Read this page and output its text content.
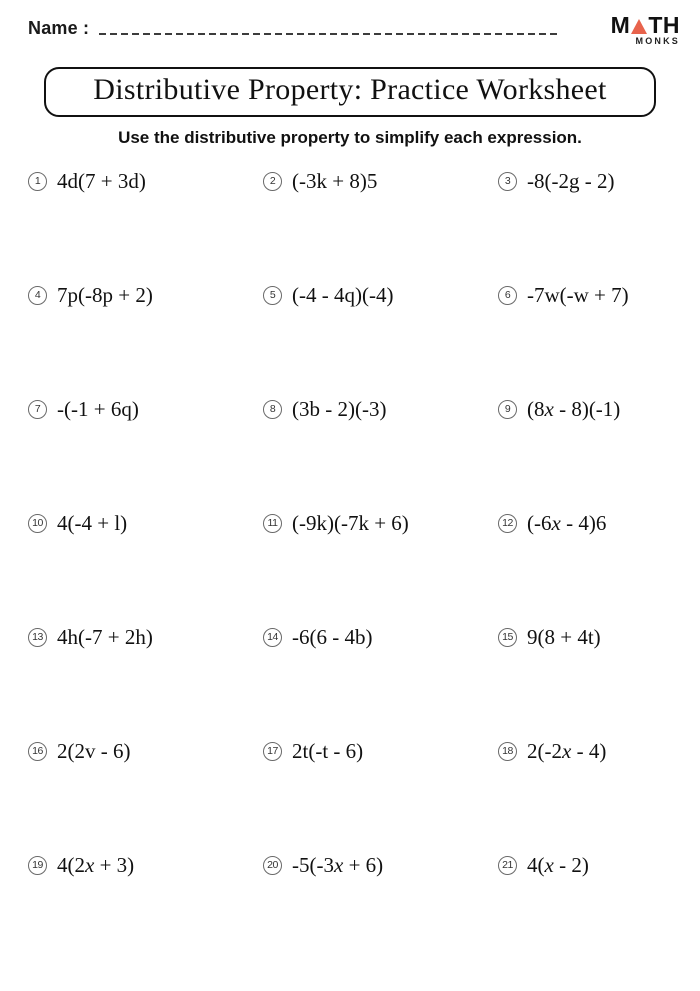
Name :	M TH
MONKS
Distributive Property: Practice Worksheet
Use the distributive property to simplify each expression.
1 4d(7 + 3d)	2 (-3k + 8)5	3 -8(-2g - 2)
4 7p(-8p + 2)	5 (-4 - 4q)(-4)	6 -7w(-w + 7)
7 -(-1 + 6q)	8 (3b - 2)(-3)	9 (8x - 8)(-1)
10 4(-4 + l)	11 (-9k)(-7k + 6)	12 (-6x - 4)6
13 4h(-7 + 2h)	14 -6(6 - 4b)	15 9(8 + 4t)
16 2(2v - 6)	17 2t(-t - 6)	18 2(-2x - 4)
19 4(2x + 3)	20 -5(-3x + 6)	21 4(x - 2)
